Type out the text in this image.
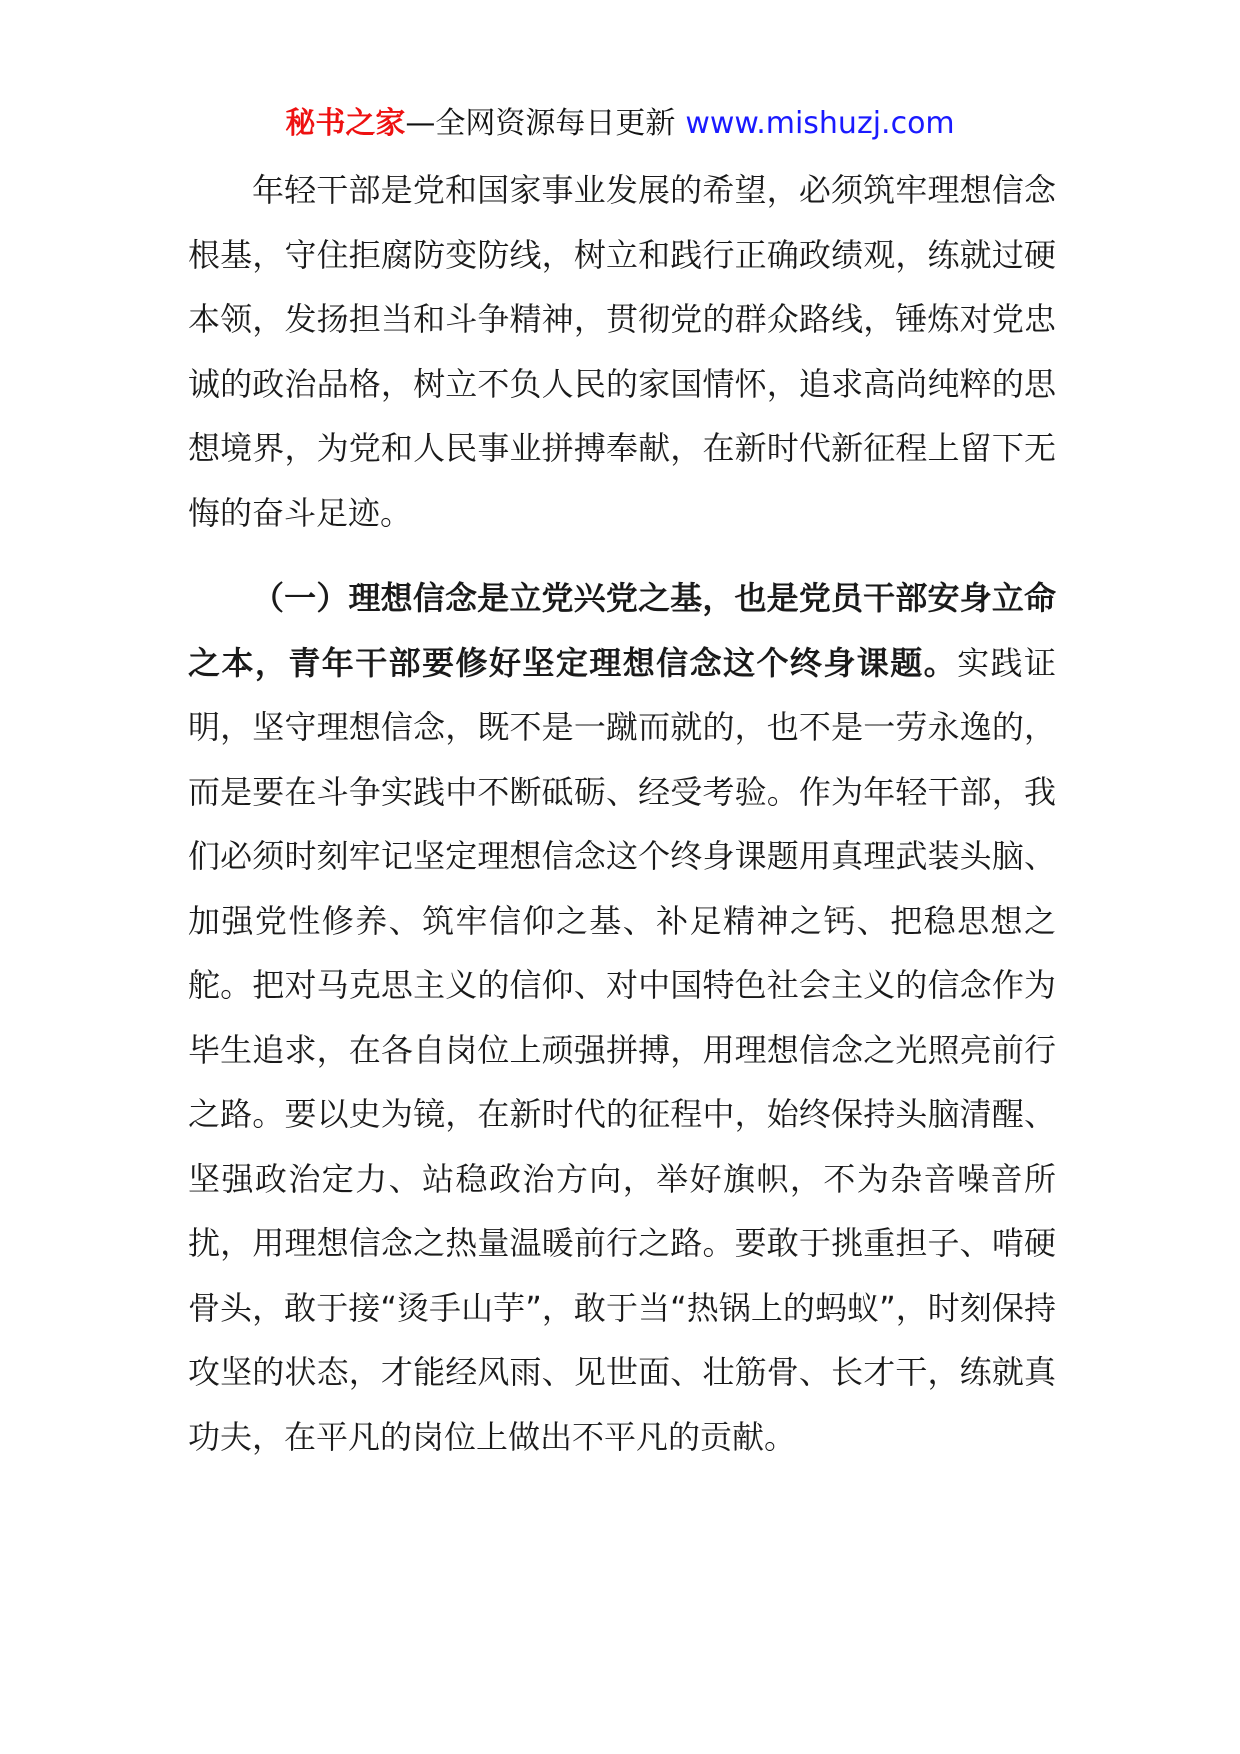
秘书之家—全网资源每日更新 www.mishuzj.com

年轻干部是党和国家事业发展的希望，必须筑牢理想信念根基，守住拒腐防变防线，树立和践行正确政绩观，练就过硬本领，发扬担当和斗争精神，贯彻党的群众路线，锤炼对党忠诚的政治品格，树立不负人民的家国情怀，追求高尚纯粹的思想境界，为党和人民事业拼搏奉献，在新时代新征程上留下无悔的奋斗足迹。

（一）理想信念是立党兴党之基，也是党员干部安身立命之本，青年干部要修好坚定理想信念这个终身课题。实践证明，坚守理想信念，既不是一蹴而就的，也不是一劳永逸的，而是要在斗争实践中不断砥砺、经受考验。作为年轻干部，我们必须时刻牢记坚定理想信念这个终身课题用真理武装头脑、加强党性修养、筑牢信仰之基、补足精神之钙、把稳思想之舵。把对马克思主义的信仰、对中国特色社会主义的信念作为毕生追求，在各自岗位上顽强拼搏，用理想信念之光照亮前行之路。要以史为镜，在新时代的征程中，始终保持头脑清醒、坚强政治定力、站稳政治方向，举好旗帜，不为杂音噪音所扰，用理想信念之热量温暖前行之路。要敢于挑重担子、啃硬骨头，敢于接“烫手山芋”，敢于当“热锅上的蚂蚁”，时刻保持攻坚的状态，才能经风雨、见世面、壮筋骨、长才干，练就真功夫，在平凡的岗位上做出不平凡的贡献。
